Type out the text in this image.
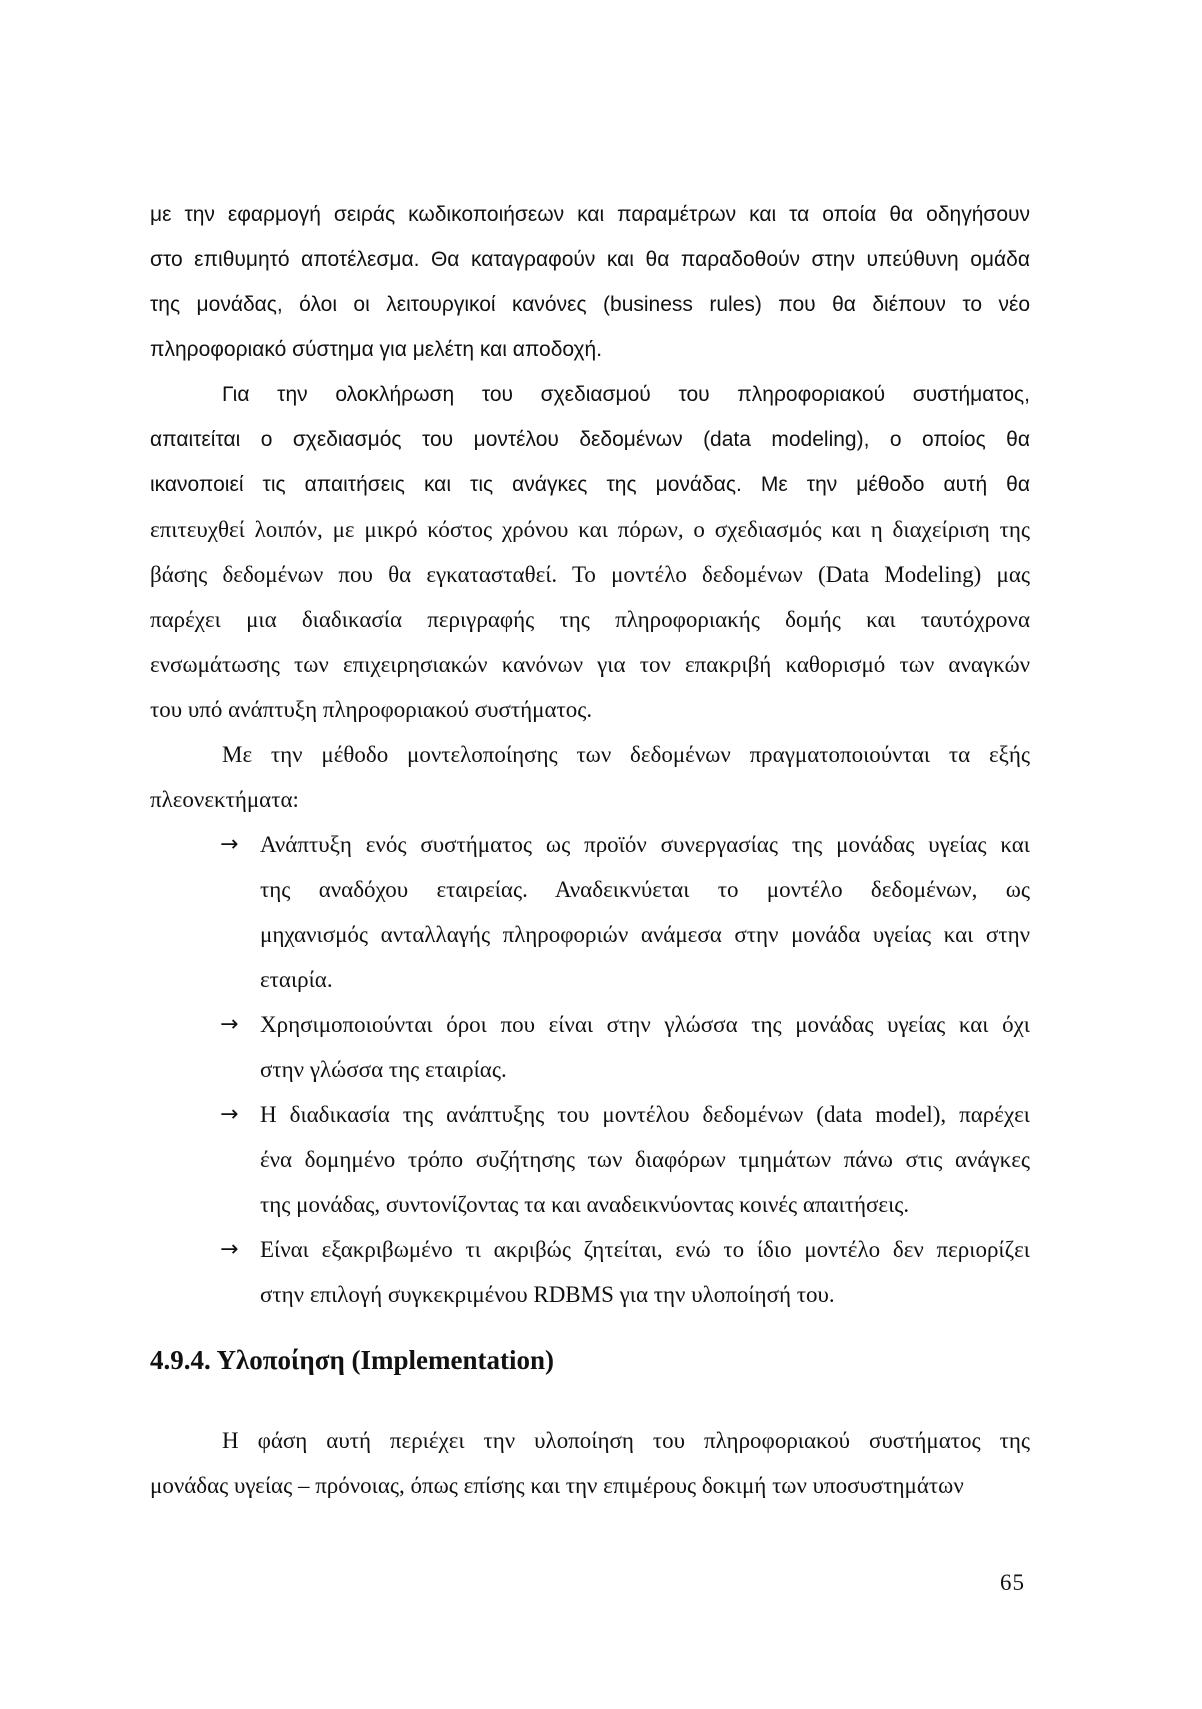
με την εφαρμογή σειράς κωδικοποιήσεων και παραμέτρων και τα οποία θα οδηγήσουν
στο επιθυμητό αποτέλεσμα. Θα καταγραφούν και θα παραδοθούν στην υπεύθυνη ομάδα
της μονάδας, όλοι οι λειτουργικοί κανόνες (business rules) που θα διέπουν το νέο
πληροφοριακό σύστημα για μελέτη και αποδοχή.
Για την ολοκλήρωση του σχεδιασμού του πληροφοριακού συστήματος,
απαιτείται ο σχεδιασμός του μοντέλου δεδομένων (data modeling), ο οποίος θα
ικανοποιεί τις απαιτήσεις και τις ανάγκες της μονάδας. Με την μέθοδο αυτή θα
επιτευχθεί λοιπόν, με μικρό κόστος χρόνου και πόρων, ο σχεδιασμός και η διαχείριση της
βάσης δεδομένων που θα εγκατασταθεί. Το μοντέλο δεδομένων (Data Modeling) μας
παρέχει μια διαδικασία περιγραφής της πληροφοριακής δομής και ταυτόχρονα
ενσωμάτωσης των επιχειρησιακών κανόνων για τον επακριβή καθορισμό των αναγκών
του υπό ανάπτυξη πληροφοριακού συστήματος.
Με την μέθοδο μοντελοποίησης των δεδομένων πραγματοποιούνται τα εξής
πλεονεκτήματα:
→ Ανάπτυξη ενός συστήματος ως προϊόν συνεργασίας της μονάδας υγείας και
της αναδόχου εταιρείας. Αναδεικνύεται το μοντέλο δεδομένων, ως
μηχανισμός ανταλλαγής πληροφοριών ανάμεσα στην μονάδα υγείας και στην
εταιρία.
→ Χρησιμοποιούνται όροι που είναι στην γλώσσα της μονάδας υγείας και όχι
στην γλώσσα της εταιρίας.
→ Η διαδικασία της ανάπτυξης του μοντέλου δεδομένων (data model), παρέχει
ένα δομημένο τρόπο συζήτησης των διαφόρων τμημάτων πάνω στις ανάγκες
της μονάδας, συντονίζοντας τα και αναδεικνύοντας κοινές απαιτήσεις.
→ Είναι εξακριβωμένο τι ακριβώς ζητείται, ενώ το ίδιο μοντέλο δεν περιορίζει
στην επιλογή συγκεκριμένου RDBMS για την υλοποίησή του.
4.9.4. Υλοποίηση (Implementation)
Η φάση αυτή περιέχει την υλοποίηση του πληροφοριακού συστήματος της
μονάδας υγείας – πρόνοιας, όπως επίσης και την επιμέρους δοκιμή των υποσυστημάτων
65
